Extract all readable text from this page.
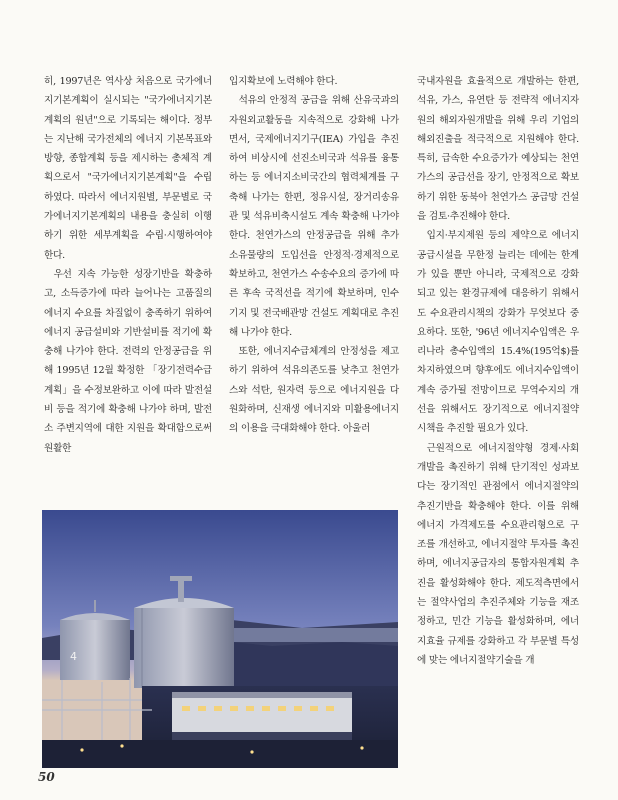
히, 1997년은 역사상 처음으로 국가에너지기본계획이 실시되는 "국가에너지기본계획의 원년"으로 기록되는 해이다. 정부는 지난해 국가전체의 에너지 기본목표와 방향, 종합계획 등을 제시하는 총체적 계획으로서 "국가에너지기본계획"을 수립하였다. 따라서 에너지원별, 부문별로 국가에너지기본계획의 내용을 충실히 이행하기 위한 세부계획을 수립·시행하여야 한다.

우선 지속 가능한 성장기반을 확충하고, 소득증가에 따라 늘어나는 고품질의 에너지 수요를 차질없이 충족하기 위하여 에너지 공급설비와 기반설비를 적기에 확충해 나가야 한다. 전력의 안정공급을 위해 1995년 12월 확정한 「장기전력수급계획」을 수정보완하고 이에 따라 발전설비 등을 적기에 확충해 나가야 하며, 발전소 주변지역에 대한 지원을 확대함으로써 원활한

입지확보에 노력해야 한다.

석유의 안정적 공급을 위해 산유국과의 자원외교활동을 지속적으로 강화해 나가면서, 국제에너지기구(IEA) 가입을 추진하여 비상시에 선진소비국과 석유를 융통하는 등 에너지소비국간의 협력체계를 구축해 나가는 한편, 정유시설, 장거리송유관 및 석유비축시설도 계속 확충해 나가야 한다. 천연가스의 안정공급을 위해 추가 소유물량의 도입선을 안정적·경제적으로 확보하고, 천연가스 수송수요의 증가에 따른 후속 국적선을 적기에 확보하며, 인수기지 및 전국배관망 건설도 계획대로 추진해 나가야 한다.

또한, 에너지수급체계의 안정성을 제고하기 위하여 석유의존도를 낮추고 천연가스와 석탄, 원자력 등으로 에너지원을 다원화하며, 신재생 에너지와 미활용에너지의 이용을 극대화해야 한다. 아울러

국내자원을 효율적으로 개발하는 한편, 석유, 가스, 유연탄 등 전략적 에너지자원의 해외자원개발을 위해 우리 기업의 해외진출을 적극적으로 지원해야 한다. 특히, 급속한 수요증가가 예상되는 천연가스의 공급선을 장기, 안정적으로 확보하기 위한 동북아 천연가스 공급망 건설을 검토·추진해야 한다.

입지·부지제원 등의 제약으로 에너지공급시설을 무한정 늘리는 데에는 한계가 있을 뿐만 아니라, 국제적으로 강화되고 있는 환경규제에 대응하기 위해서도 수요관리시책의 강화가 무엇보다 중요하다. 또한, '96년 에너지수입액은 우리나라 총수입액의 15.4%(195억$)를 차지하였으며 향후에도 에너지수입액이 계속 증가될 전망이므로 무역수지의 개선을 위해서도 장기적으로 에너지절약시책을 추진할 필요가 있다.

근원적으로 에너지절약형 경제·사회 개발을 촉진하기 위해 단기적인 성과보다는 장기적인 관점에서 에너지절약의 추진기반을 확충해야 한다. 이를 위해 에너지 가격제도를 수요관리형으로 구조를 개선하고, 에너지절약 투자를 촉진하며, 에너지공급자의 통합자원계획 추진을 활성화해야 한다. 제도적측면에서는 절약사업의 추진주체와 기능을 재조정하고, 민간 기능을 활성화하며, 에너지효율 규제를 강화하고 각 부문별 특성에 맞는 에너지절약기술을 개

4
50
